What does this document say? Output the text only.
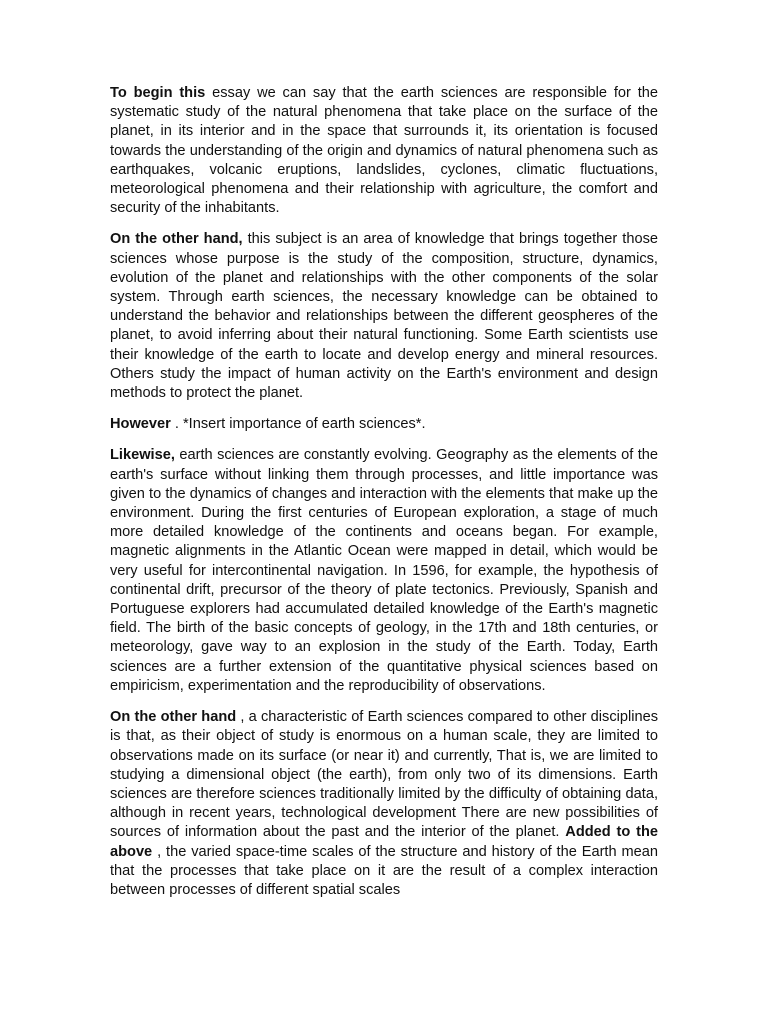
To begin this essay we can say that the earth sciences are responsible for the systematic study of the natural phenomena that take place on the surface of the planet, in its interior and in the space that surrounds it, its orientation is focused towards the understanding of the origin and dynamics of natural phenomena such as earthquakes, volcanic eruptions, landslides, cyclones, climatic fluctuations, meteorological phenomena and their relationship with agriculture, the comfort and security of the inhabitants.

On the other hand, this subject is an area of knowledge that brings together those sciences whose purpose is the study of the composition, structure, dynamics, evolution of the planet and relationships with the other components of the solar system. Through earth sciences, the necessary knowledge can be obtained to understand the behavior and relationships between the different geospheres of the planet, to avoid inferring about their natural functioning. Some Earth scientists use their knowledge of the earth to locate and develop energy and mineral resources. Others study the impact of human activity on the Earth's environment and design methods to protect the planet.

However . *Insert importance of earth sciences*.

Likewise, earth sciences are constantly evolving. Geography as the elements of the earth's surface without linking them through processes, and little importance was given to the dynamics of changes and interaction with the elements that make up the environment. During the first centuries of European exploration, a stage of much more detailed knowledge of the continents and oceans began. For example, magnetic alignments in the Atlantic Ocean were mapped in detail, which would be very useful for intercontinental navigation. In 1596, for example, the hypothesis of continental drift, precursor of the theory of plate tectonics. Previously, Spanish and Portuguese explorers had accumulated detailed knowledge of the Earth's magnetic field. The birth of the basic concepts of geology, in the 17th and 18th centuries, or meteorology, gave way to an explosion in the study of the Earth. Today, Earth sciences are a further extension of the quantitative physical sciences based on empiricism, experimentation and the reproducibility of observations.

On the other hand , a characteristic of Earth sciences compared to other disciplines is that, as their object of study is enormous on a human scale, they are limited to observations made on its surface (or near it) and currently, That is, we are limited to studying a dimensional object (the earth), from only two of its dimensions. Earth sciences are therefore sciences traditionally limited by the difficulty of obtaining data, although in recent years, technological development There are new possibilities of sources of information about the past and the interior of the planet. Added to the above , the varied space-time scales of the structure and history of the Earth mean that the processes that take place on it are the result of a complex interaction between processes of different spatial scales
